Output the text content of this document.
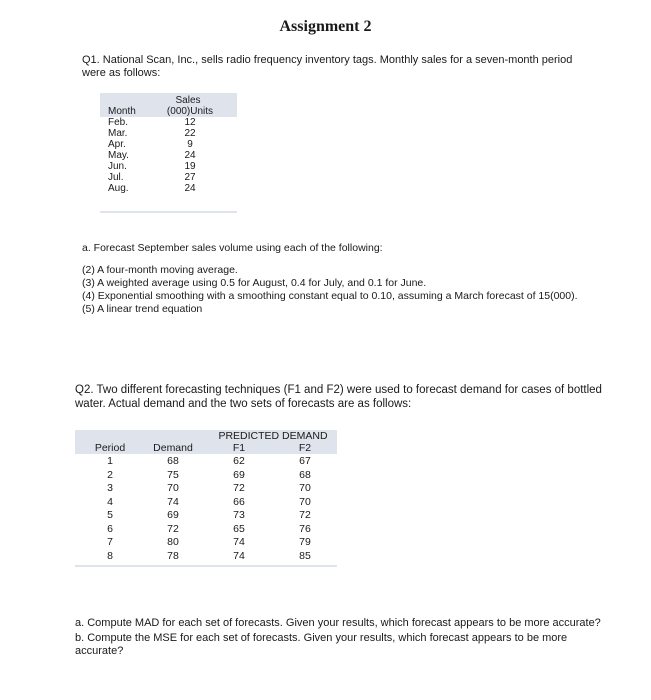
Assignment 2
Q1. National Scan, Inc., sells radio frequency inventory tags. Monthly sales for a seven-month period were as follows:
Sales
Month	(000)Units
Feb.	12
Mar.	22
Apr.	9
May.	24
Jun.	19
Jul.	27
Aug.	24
a. Forecast September sales volume using each of the following:
(2) A four-month moving average.
(3) A weighted average using 0.5 for August, 0.4 for July, and 0.1 for June.
(4) Exponential smoothing with a smoothing constant equal to 0.10, assuming a March forecast of 15(000).
(5) A linear trend equation
Q2. Two different forecasting techniques (F1 and F2) were used to forecast demand for cases of bottled water. Actual demand and the two sets of forecasts are as follows:
PREDICTED DEMAND
Period	Demand	F1	F2
1	68	62	67
2	75	69	68
3	70	72	70
4	74	66	70
5	69	73	72
6	72	65	76
7	80	74	79
8	78	74	85
a. Compute MAD for each set of forecasts. Given your results, which forecast appears to be more accurate?
b. Compute the MSE for each set of forecasts. Given your results, which forecast appears to be more accurate?
